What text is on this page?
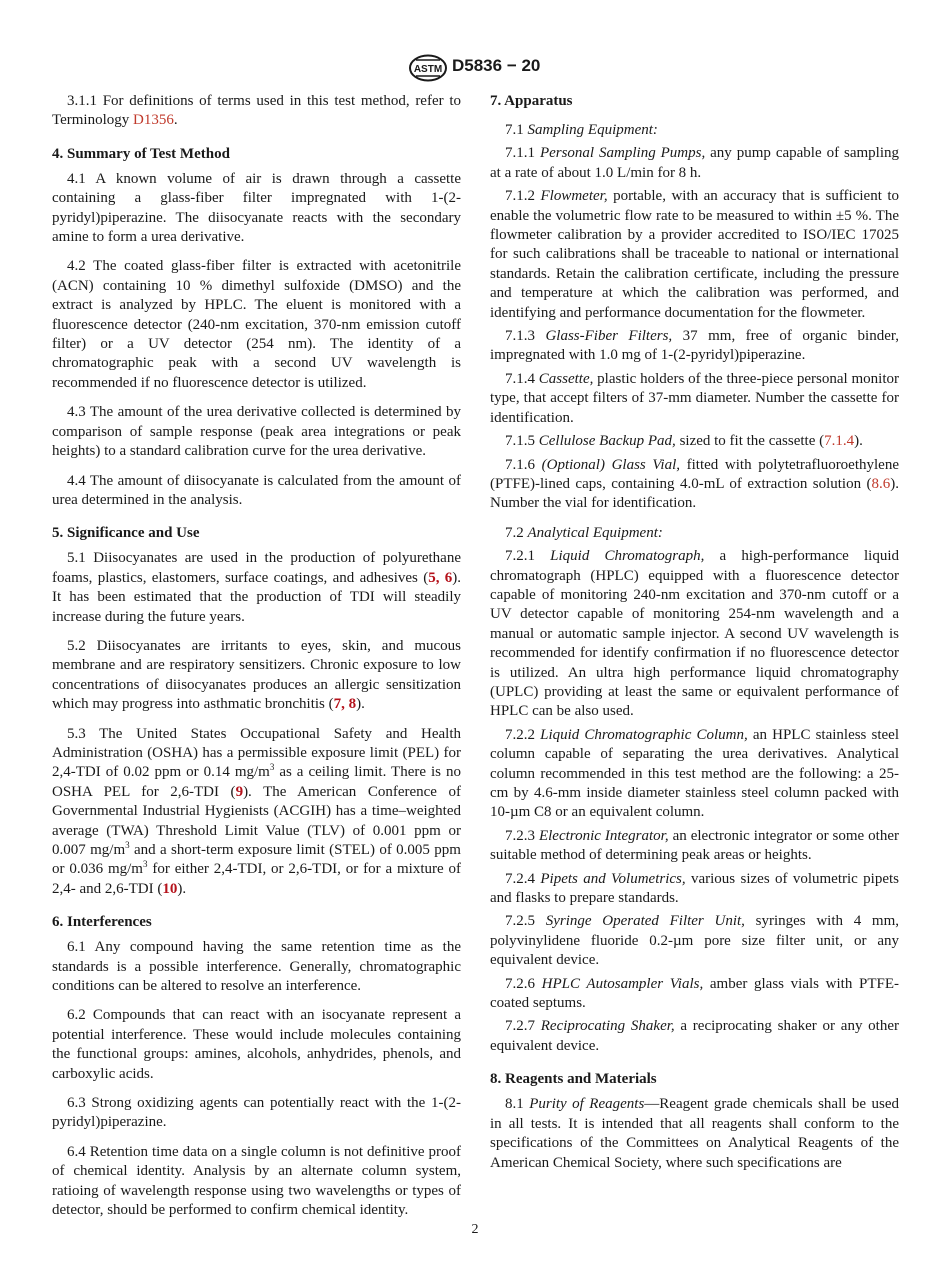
ASTM D5836 − 20

3.1.1 For definitions of terms used in this test method, refer to Terminology D1356.

4. Summary of Test Method

4.1 A known volume of air is drawn through a cassette containing a glass-fiber filter impregnated with 1-(2-pyridyl)piperazine. The diisocyanate reacts with the secondary amine to form a urea derivative.

4.2 The coated glass-fiber filter is extracted with acetonitrile (ACN) containing 10 % dimethyl sulfoxide (DMSO) and the extract is analyzed by HPLC. The eluent is monitored with a fluorescence detector (240-nm excitation, 370-nm emission cutoff filter) or a UV detector (254 nm). The identity of a chromatographic peak with a second UV wavelength is recommended if no fluorescence detector is utilized.

4.3 The amount of the urea derivative collected is determined by comparison of sample response (peak area integrations or peak heights) to a standard calibration curve for the urea derivative.

4.4 The amount of diisocyanate is calculated from the amount of urea determined in the analysis.

5. Significance and Use

5.1 Diisocyanates are used in the production of polyurethane foams, plastics, elastomers, surface coatings, and adhesives (5, 6). It has been estimated that the production of TDI will steadily increase during the future years.

5.2 Diisocyanates are irritants to eyes, skin, and mucous membrane and are respiratory sensitizers. Chronic exposure to low concentrations of diisocyanates produces an allergic sensitization which may progress into asthmatic bronchitis (7, 8).

5.3 The United States Occupational Safety and Health Administration (OSHA) has a permissible exposure limit (PEL) for 2,4-TDI of 0.02 ppm or 0.14 $mg/m^3$ as a ceiling limit. There is no OSHA PEL for 2,6-TDI (9). The American Conference of Governmental Industrial Hygienists (ACGIH) has a time–weighted average (TWA) Threshold Limit Value (TLV) of 0.001 ppm or 0.007 $mg/m^3$ and a short-term exposure limit (STEL) of 0.005 ppm or 0.036 $mg/m^3$ for either 2,4-TDI, or 2,6-TDI, or for a mixture of 2,4- and 2,6-TDI (10).

6. Interferences

6.1 Any compound having the same retention time as the standards is a possible interference. Generally, chromatographic conditions can be altered to resolve an interference.

6.2 Compounds that can react with an isocyanate represent a potential interference. These would include molecules containing the functional groups: amines, alcohols, anhydrides, phenols, and carboxylic acids.

6.3 Strong oxidizing agents can potentially react with the 1-(2-pyridyl)piperazine.

6.4 Retention time data on a single column is not definitive proof of chemical identity. Analysis by an alternate column system, ratioing of wavelength response using two wavelengths or types of detector, should be performed to confirm chemical identity.

7. Apparatus

7.1 Sampling Equipment:

7.1.1 Personal Sampling Pumps, any pump capable of sampling at a rate of about 1.0 L/min for 8 h.

7.1.2 Flowmeter, portable, with an accuracy that is sufficient to enable the volumetric flow rate to be measured to within ±5 %. The flowmeter calibration by a provider accredited to ISO/IEC 17025 for such calibrations shall be traceable to national or international standards. Retain the calibration certificate, including the pressure and temperature at which the calibration was performed, and identifying and performance documentation for the flowmeter.

7.1.3 Glass-Fiber Filters, 37 mm, free of organic binder, impregnated with 1.0 mg of 1-(2-pyridyl)piperazine.

7.1.4 Cassette, plastic holders of the three-piece personal monitor type, that accept filters of 37-mm diameter. Number the cassette for identification.

7.1.5 Cellulose Backup Pad, sized to fit the cassette (7.1.4).

7.1.6 (Optional) Glass Vial, fitted with polytetrafluoroethylene (PTFE)-lined caps, containing 4.0-mL of extraction solution (8.6). Number the vial for identification.

7.2 Analytical Equipment:

7.2.1 Liquid Chromatograph, a high-performance liquid chromatograph (HPLC) equipped with a fluorescence detector capable of monitoring 240-nm excitation and 370-nm cutoff or a UV detector capable of monitoring 254-nm wavelength and a manual or automatic sample injector. A second UV wavelength is recommended for identify confirmation if no fluorescence detector is utilized. An ultra high performance liquid chromatography (UPLC) providing at least the same or equivalent performance of HPLC can be also used.

7.2.2 Liquid Chromatographic Column, an HPLC stainless steel column capable of separating the urea derivatives. Analytical column recommended in this test method are the following: a 25-cm by 4.6-mm inside diameter stainless steel column packed with 10-µm C8 or an equivalent column.

7.2.3 Electronic Integrator, an electronic integrator or some other suitable method of determining peak areas or heights.

7.2.4 Pipets and Volumetrics, various sizes of volumetric pipets and flasks to prepare standards.

7.2.5 Syringe Operated Filter Unit, syringes with 4 mm, polyvinylidene fluoride 0.2-µm pore size filter unit, or any equivalent device.

7.2.6 HPLC Autosampler Vials, amber glass vials with PTFE-coated septums.

7.2.7 Reciprocating Shaker, a reciprocating shaker or any other equivalent device.

8. Reagents and Materials

8.1 Purity of Reagents—Reagent grade chemicals shall be used in all tests. It is intended that all reagents shall conform to the specifications of the Committees on Analytical Reagents of the American Chemical Society, where such specifications are

2
